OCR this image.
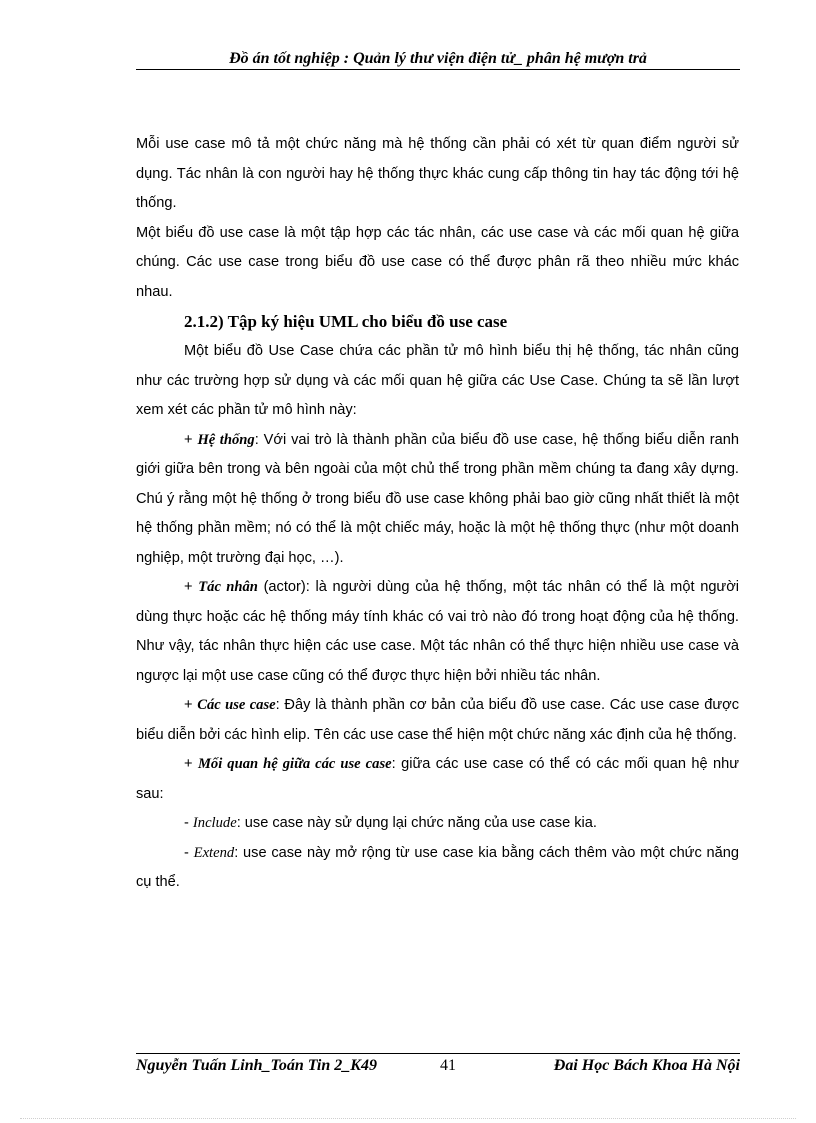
Đồ án tốt nghiệp : Quản lý thư viện điện tử_ phân hệ mượn trả

Mỗi use case mô tả một chức năng mà hệ thống cần phải có xét từ quan điểm người sử dụng. Tác nhân là con người hay hệ thống thực khác cung cấp thông tin hay tác động tới hệ thống.

Một biểu đồ use case là một tập hợp các tác nhân, các use case và các mối quan hệ giữa chúng. Các use case trong biểu đồ use case có thể được phân rã theo nhiều mức khác nhau.

2.1.2) Tập ký hiệu UML cho biểu đồ use case

Một biểu đồ Use Case chứa các phần tử mô hình biểu thị hệ thống, tác nhân cũng như các trường hợp sử dụng và các mối quan hệ giữa các Use Case. Chúng ta sẽ lần lượt xem xét các phần tử mô hình này:

+ Hệ thống: Với vai trò là thành phần của biểu đồ use case, hệ thống biểu diễn ranh giới giữa bên trong và bên ngoài của một chủ thể trong phần mềm chúng ta đang xây dựng. Chú ý rằng một hệ thống ở trong biểu đồ use case không phải bao giờ cũng nhất thiết là một hệ thống phần mềm; nó có thể là một chiếc máy, hoặc là một hệ thống thực (như một doanh nghiệp, một trường đại học, …).

+ Tác nhân (actor): là người dùng của hệ thống, một tác nhân có thể là một người dùng thực hoặc các hệ thống máy tính khác có vai trò nào đó trong hoạt động của hệ thống. Như vậy, tác nhân thực hiện các use case. Một tác nhân có thể thực hiện nhiều use case và ngược lại một use case cũng có thể được thực hiện bởi nhiều tác nhân.

+ Các use case: Đây là thành phần cơ bản của biểu đồ use case. Các use case được biểu diễn bởi các hình elip. Tên các use case thể hiện một chức năng xác định của hệ thống.

+ Mối quan hệ giữa các use case: giữa các use case có thể có các mối quan hệ như sau:

- Include: use case này sử dụng lại chức năng của use case kia.

- Extend: use case này mở rộng từ use case kia bằng cách thêm vào một chức năng cụ thể.

Nguyễn Tuấn Linh_Toán Tin 2_K49	41	Đai Học Bách Khoa Hà Nội
